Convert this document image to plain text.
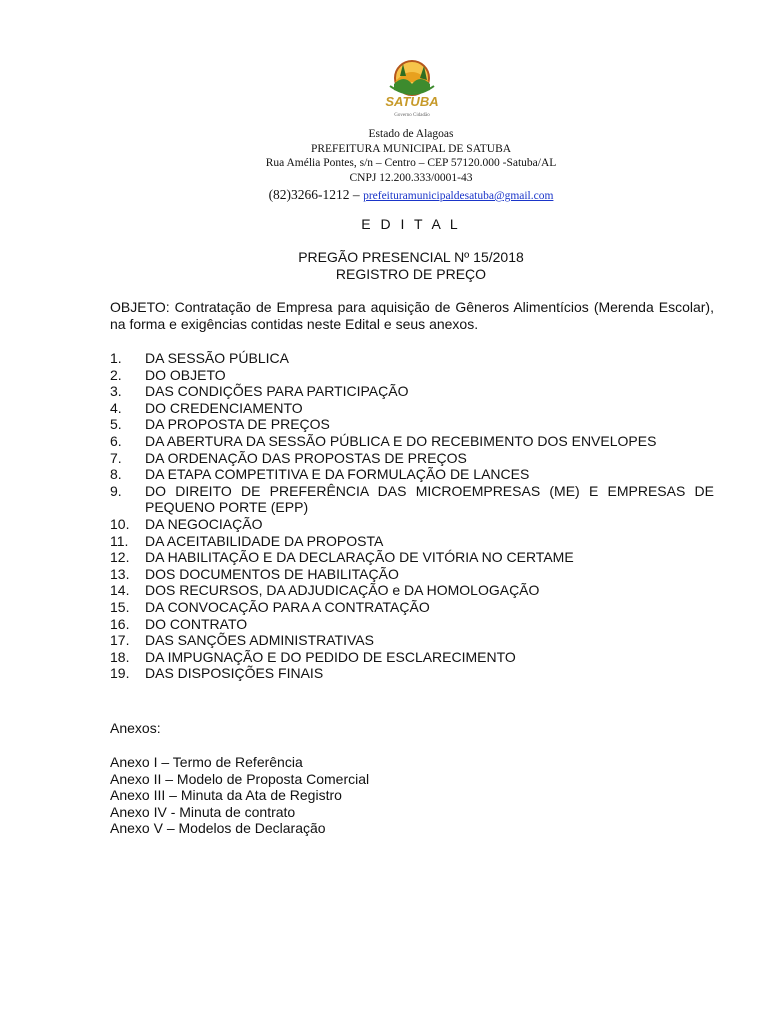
SATUBA
Governo Cidadão
Estado de Alagoas
PREFEITURA MUNICIPAL DE SATUBA
Rua Amélia Pontes, s/n – Centro – CEP 57120.000 -Satuba/AL
CNPJ 12.200.333/0001-43
(82)3266-1212 – prefeituramunicipaldesatuba@gmail.com
E D I T A L
PREGÃO PRESENCIAL Nº 15/2018
REGISTRO DE PREÇO
OBJETO: Contratação de Empresa para aquisição de Gêneros Alimentícios (Merenda Escolar), na forma e exigências contidas neste Edital e seus anexos.
1.	DA SESSÃO PÚBLICA
2.	DO OBJETO
3.	DAS CONDIÇÕES PARA PARTICIPAÇÃO
4.	DO CREDENCIAMENTO
5.	DA PROPOSTA DE PREÇOS
6.	DA ABERTURA DA SESSÃO PÚBLICA E DO RECEBIMENTO DOS ENVELOPES
7.	DA ORDENAÇÃO DAS PROPOSTAS DE PREÇOS
8.	DA ETAPA COMPETITIVA E DA FORMULAÇÃO DE LANCES
9.	DO DIREITO DE PREFERÊNCIA DAS MICROEMPRESAS (ME) E EMPRESAS DE PEQUENO PORTE (EPP)
10.	DA NEGOCIAÇÃO
11.	DA ACEITABILIDADE DA PROPOSTA
12.	DA HABILITAÇÃO E DA DECLARAÇÃO DE VITÓRIA NO CERTAME
13.	DOS DOCUMENTOS DE HABILITAÇÃO
14.	DOS RECURSOS, DA ADJUDICAÇÃO e DA HOMOLOGAÇÃO
15.	DA CONVOCAÇÃO PARA A CONTRATAÇÃO
16.	DO CONTRATO
17.	DAS SANÇÕES ADMINISTRATIVAS
18.	DA IMPUGNAÇÃO E DO PEDIDO DE ESCLARECIMENTO
19.	DAS DISPOSIÇÕES FINAIS
Anexos:
Anexo I – Termo de Referência
Anexo II – Modelo de Proposta Comercial
Anexo III – Minuta da Ata de Registro
Anexo IV - Minuta de contrato
Anexo V – Modelos de Declaração
